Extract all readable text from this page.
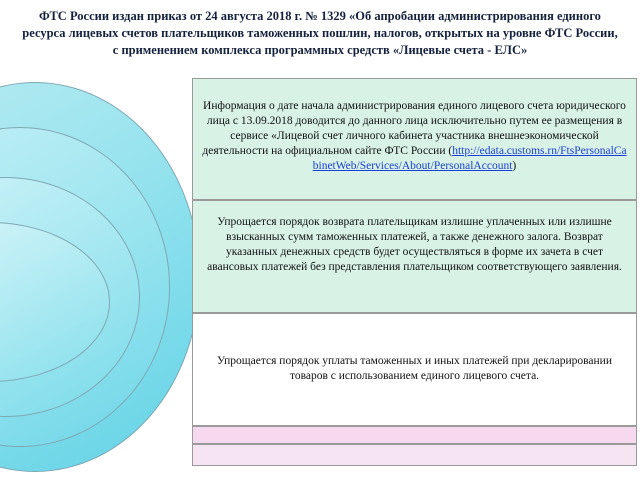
ФТС России издан приказ от 24 августа 2018 г. № 1329 «Об апробации администрирования единого ресурса лицевых счетов плательщиков таможенных пошлин, налогов, открытых на уровне ФТС России, с применением комплекса программных средств «Лицевые счета - ЕЛС»
Информация о дате начала администрирования единого лицевого счета юридического лица с 13.09.2018 доводится до данного лица исключительно путем ее размещения в сервисе «Лицевой счет личного кабинета участника внешнеэкономической деятельности на официальном сайте ФТС России (http://edata.customs.rn/FtsPersonalCabinetWeb/Services/About/PersonalAccount)
Упрощается порядок возврата плательщикам излишне уплаченных или излишне взысканных сумм таможенных платежей, а также денежного залога. Возврат указанных денежных средств будет осуществляться в форме их зачета в счет авансовых платежей без представления плательщиком соответствующего заявления.
Упрощается порядок уплаты таможенных и иных платежей при декларировании товаров с использованием единого лицевого счета.
